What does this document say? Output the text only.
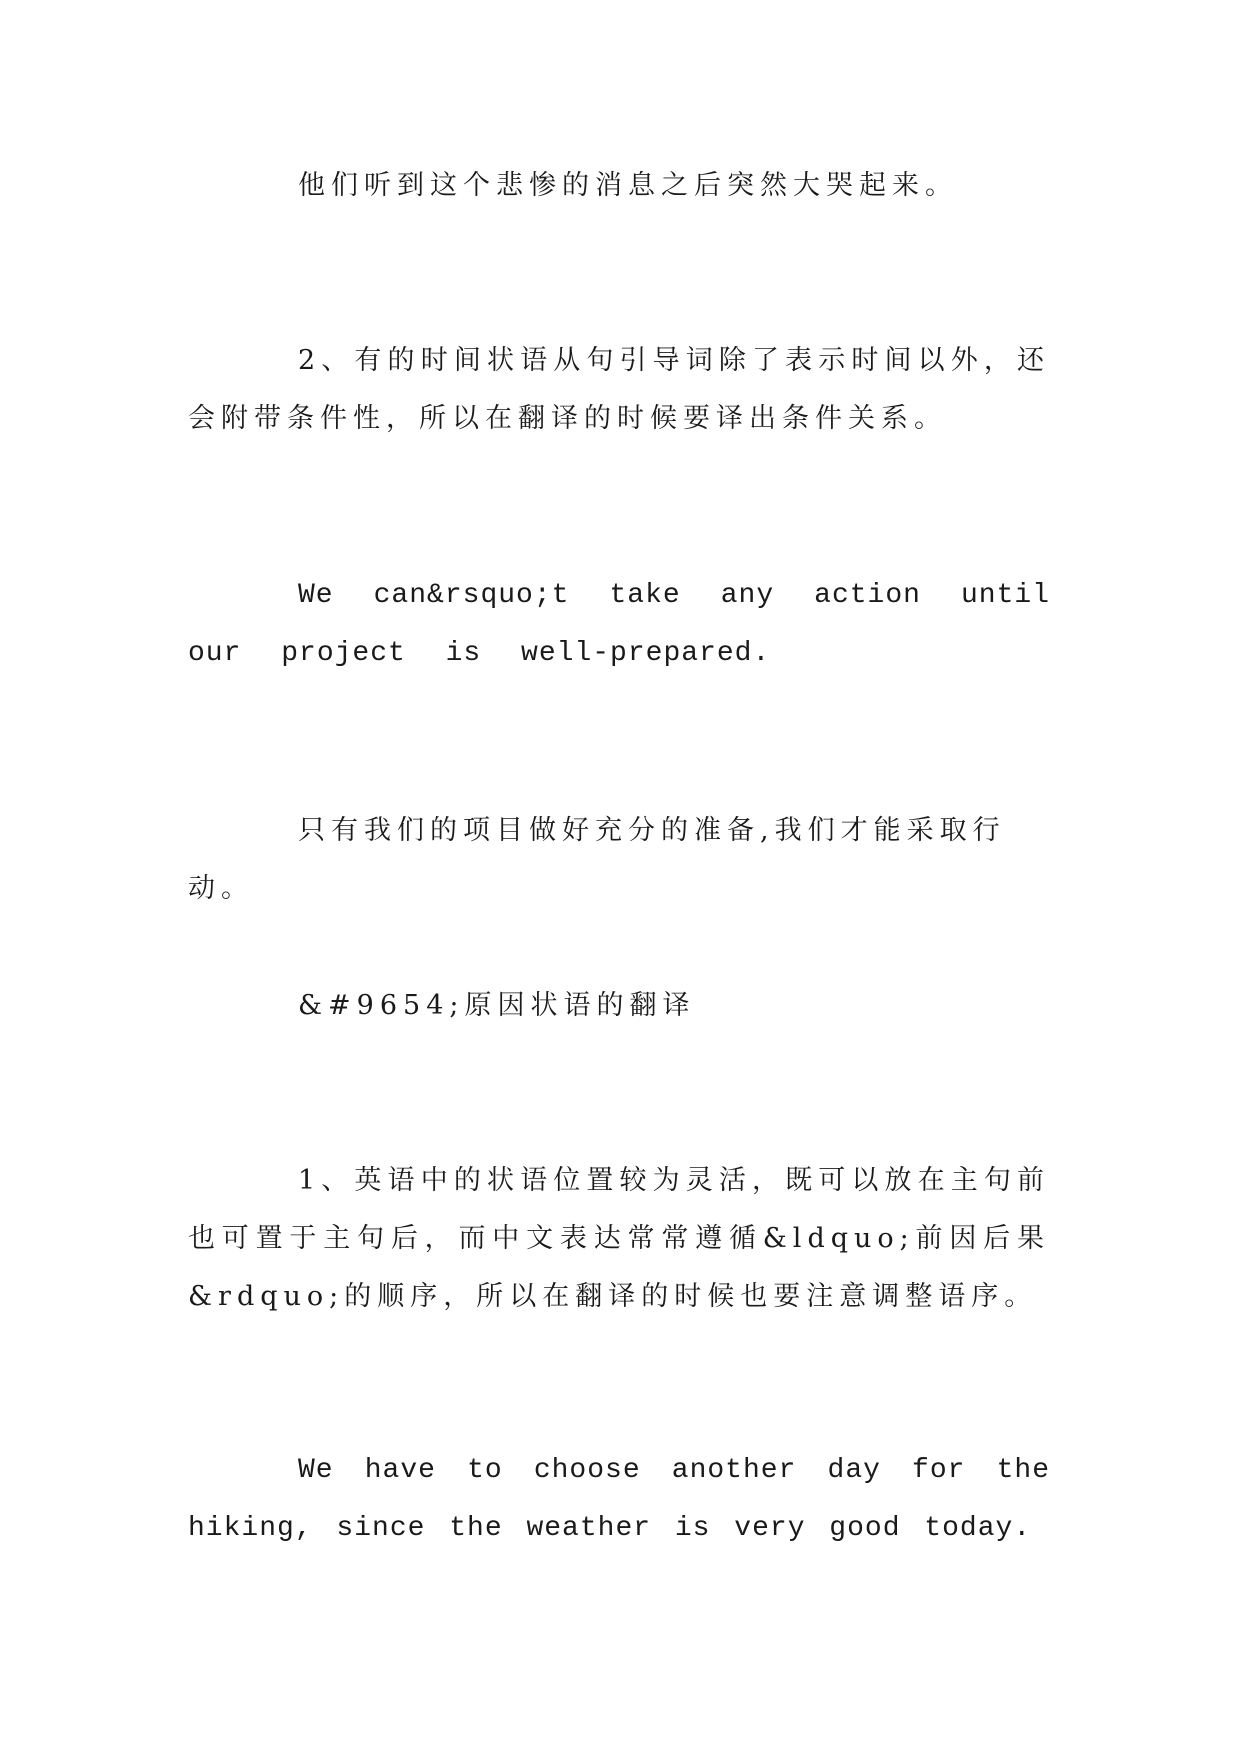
他们听到这个悲惨的消息之后突然大哭起来。

2、有的时间状语从句引导词除了表示时间以外，还会附带条件性，所以在翻译的时候要译出条件关系。

We can&rsquo;t take any action until our project is well-prepared.

只有我们的项目做好充分的准备,我们才能采取行动。

&#9654;原因状语的翻译

1、英语中的状语位置较为灵活，既可以放在主句前也可置于主句后，而中文表达常常遵循&ldquo;前因后果&rdquo;的顺序，所以在翻译的时候也要注意调整语序。

We have to choose another day for the hiking, since the weather is very good today.
